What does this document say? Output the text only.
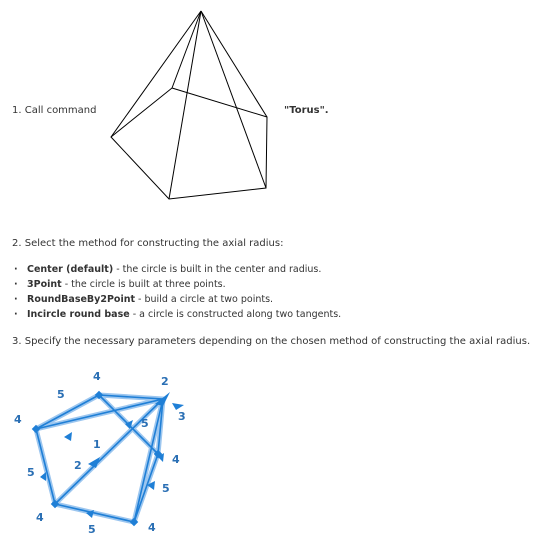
1. Call command	"Torus".
2. Select the method for constructing the axial radius:
· Center (default) - the circle is built in the center and radius.
· 3Point - the circle is built at three points.
· RoundBaseBy2Point - build a circle at two points.
· Incircle round base - a circle is constructed along two tangents.
3. Specify the necessary parameters depending on the chosen method of constructing the axial radius.
4	2
5
5
3
4
1
4
5
2
5
4
5	4
